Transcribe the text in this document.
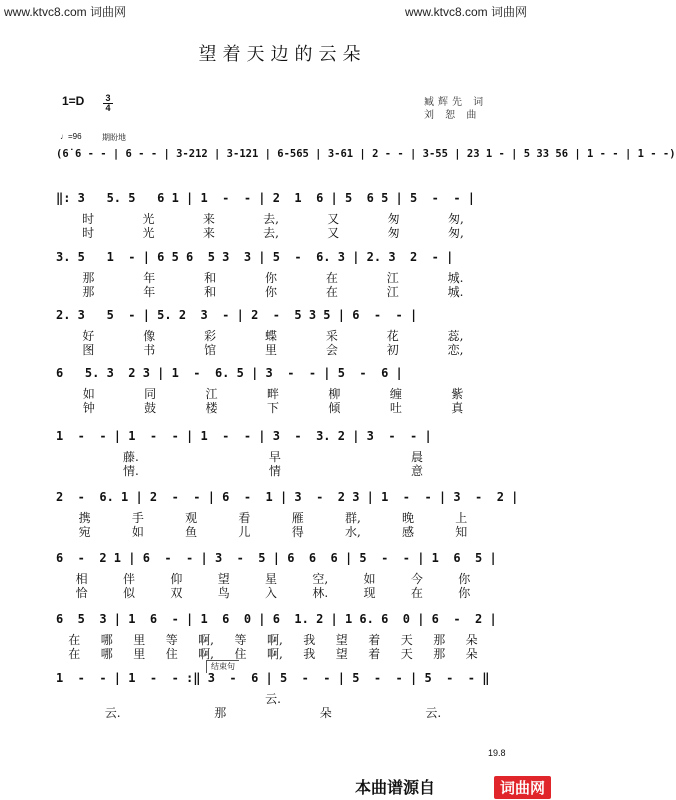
www.ktvc8.com 词曲网	www.ktvc8.com 词曲网
望着天边的云朵
1=D 3
4	臧辉先 词
刘 恕 曲
♩=96	期盼地
(6̇ 6 - - | 6 - - | 3-212 | 3-121 | 6-565 | 3-61 | 2 - - | 3-55 | 23 1 - | 5 33 56 | 1 - - | 1 - -)
‖: 3   5. 5   6 1 | 1  -  - | 2  1  6 | 5  6 5 | 5  -  - |
时	光	来	去,	又	匆	匆,
时	光	来	去,	又	匆	匆,
3. 5   1  - | 6 5 6  5 3  3 | 5  -  6. 3 | 2. 3  2  - |
那	年	和	你	在	江	城.
那	年	和	你	在	江	城.
2. 3   5  - | 5. 2  3  - | 2  -  5 3 5 | 6  -  - |
好	像	彩	蝶	采	花	蕊,
图	书	馆	里	会	初	恋,
6   5. 3  2 3 | 1  -  6. 5 | 3  -  - | 5  -  6 |
如	同	江	畔	柳	缠	紫
钟	鼓	楼	下	倾	吐	真
1  -  - | 1  -  - | 1  -  - | 3  -  3. 2 | 3  -  - |
藤.	早	晨
情.	情	意
2  -  6. 1 | 2  -  - | 6  -  1 | 3  -  2 3 | 1  -  - | 3  -  2 |
携	手	观	看	雁	群,	晚	上
宛	如	鱼	儿	得	水,	感	知
6  -  2 1 | 6  -  - | 3  -  5 | 6  6  6 | 5  -  - | 1  6  5 |
相	伴	仰	望	星	空,	如	今	你
恰	似	双	鸟	入	林.	现	在	你
6  5  3 | 1  6  - | 1  6  0 | 6  1. 2 | 1 6. 6  0 | 6  -  2 |
在 哪 里 等 啊, 等 啊, 我 望 着 天 那 朵
在 哪 里 住 啊, 住 啊, 我 望 着 天 那 朵
1  -  - | 1  -  - :‖ 3  -  6 | 5  -  - | 5  -  - | 5  -  - ‖
云.
云.	那	朵	云.
结束句
19.8
本曲谱源自	词曲网
